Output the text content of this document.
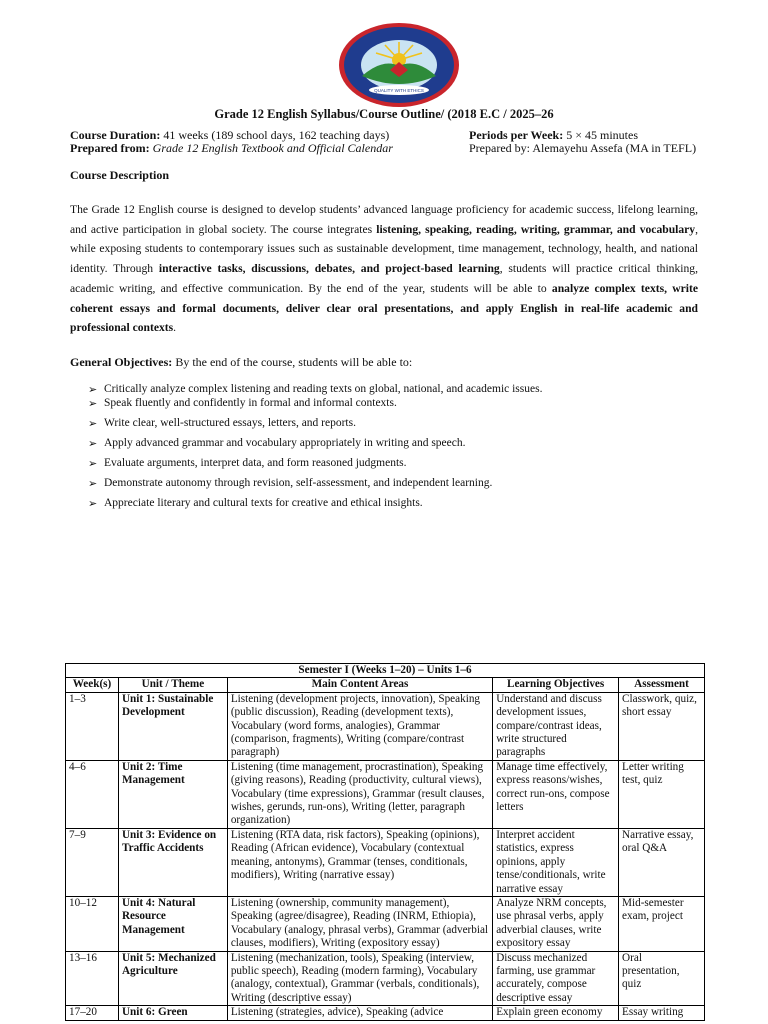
Saskela International School
QUALITY WITH ETHICS
Grade 12 English Syllabus/Course Outline/ (2018 E.C / 2025–26
Course Duration: 41 weeks (189 school days, 162 teaching days)	Periods per Week: 5 × 45 minutes
Prepared from: Grade 12 English Textbook and Official Calendar	Prepared by: Alemayehu Assefa (MA in TEFL)
Course Description
The Grade 12 English course is designed to develop students’ advanced language proficiency for academic success, lifelong learning, and active participation in global society. The course integrates listening, speaking, reading, writing, grammar, and vocabulary, while exposing students to contemporary issues such as sustainable development, time management, technology, health, and national identity. Through interactive tasks, discussions, debates, and project-based learning, students will practice critical thinking, academic writing, and effective communication. By the end of the year, students will be able to analyze complex texts, write coherent essays and formal documents, deliver clear oral presentations, and apply English in real-life academic and professional contexts.
General Objectives: By the end of the course, students will be able to:
➢ Critically analyze complex listening and reading texts on global, national, and academic issues.
➢ Speak fluently and confidently in formal and informal contexts.
➢ Write clear, well-structured essays, letters, and reports.
➢ Apply advanced grammar and vocabulary appropriately in writing and speech.
➢ Evaluate arguments, interpret data, and form reasoned judgments.
➢ Demonstrate autonomy through revision, self-assessment, and independent learning.
➢ Appreciate literary and cultural texts for creative and ethical insights.
Semester I (Weeks 1–20) – Units 1–6				
Week(s)	Unit / Theme	Main Content Areas	Learning Objectives	Assessment
1–3	Unit 1: Sustainable Development	Listening (development projects, innovation), Speaking (public discussion), Reading (development texts), Vocabulary (word forms, analogies), Grammar (comparison, fragments), Writing (compare/contrast paragraph)	Understand and discuss development issues, compare/contrast ideas, write structured paragraphs	Classwork, quiz, short essay
4–6	Unit 2: Time Management	Listening (time management, procrastination), Speaking (giving reasons), Reading (productivity, cultural views), Vocabulary (time expressions), Grammar (result clauses, wishes, gerunds, run-ons), Writing (letter, paragraph organization)	Manage time effectively, express reasons/wishes, correct run-ons, compose letters	Letter writing test, quiz
7–9	Unit 3: Evidence on Traffic Accidents	Listening (RTA data, risk factors), Speaking (opinions), Reading (African evidence), Vocabulary (contextual meaning, antonyms), Grammar (tenses, conditionals, modifiers), Writing (narrative essay)	Interpret accident statistics, express opinions, apply tense/conditionals, write narrative essay	Narrative essay, oral Q&A
10–12	Unit 4: Natural Resource Management	Listening (ownership, community management), Speaking (agree/disagree), Reading (INRM, Ethiopia), Vocabulary (analogy, phrasal verbs), Grammar (adverbial clauses, modifiers), Writing (expository essay)	Analyze NRM concepts, use phrasal verbs, apply adverbial clauses, write expository essay	Mid-semester exam, project
13–16	Unit 5: Mechanized Agriculture	Listening (mechanization, tools), Speaking (interview, public speech), Reading (modern farming), Vocabulary (analogy, contextual), Grammar (verbals, conditionals), Writing (descriptive essay)	Discuss mechanized farming, use grammar accurately, compose descriptive essay	Oral presentation, quiz
17–20	Unit 6: Green	Listening (strategies, advice), Speaking (advice	Explain green economy	Essay writing
